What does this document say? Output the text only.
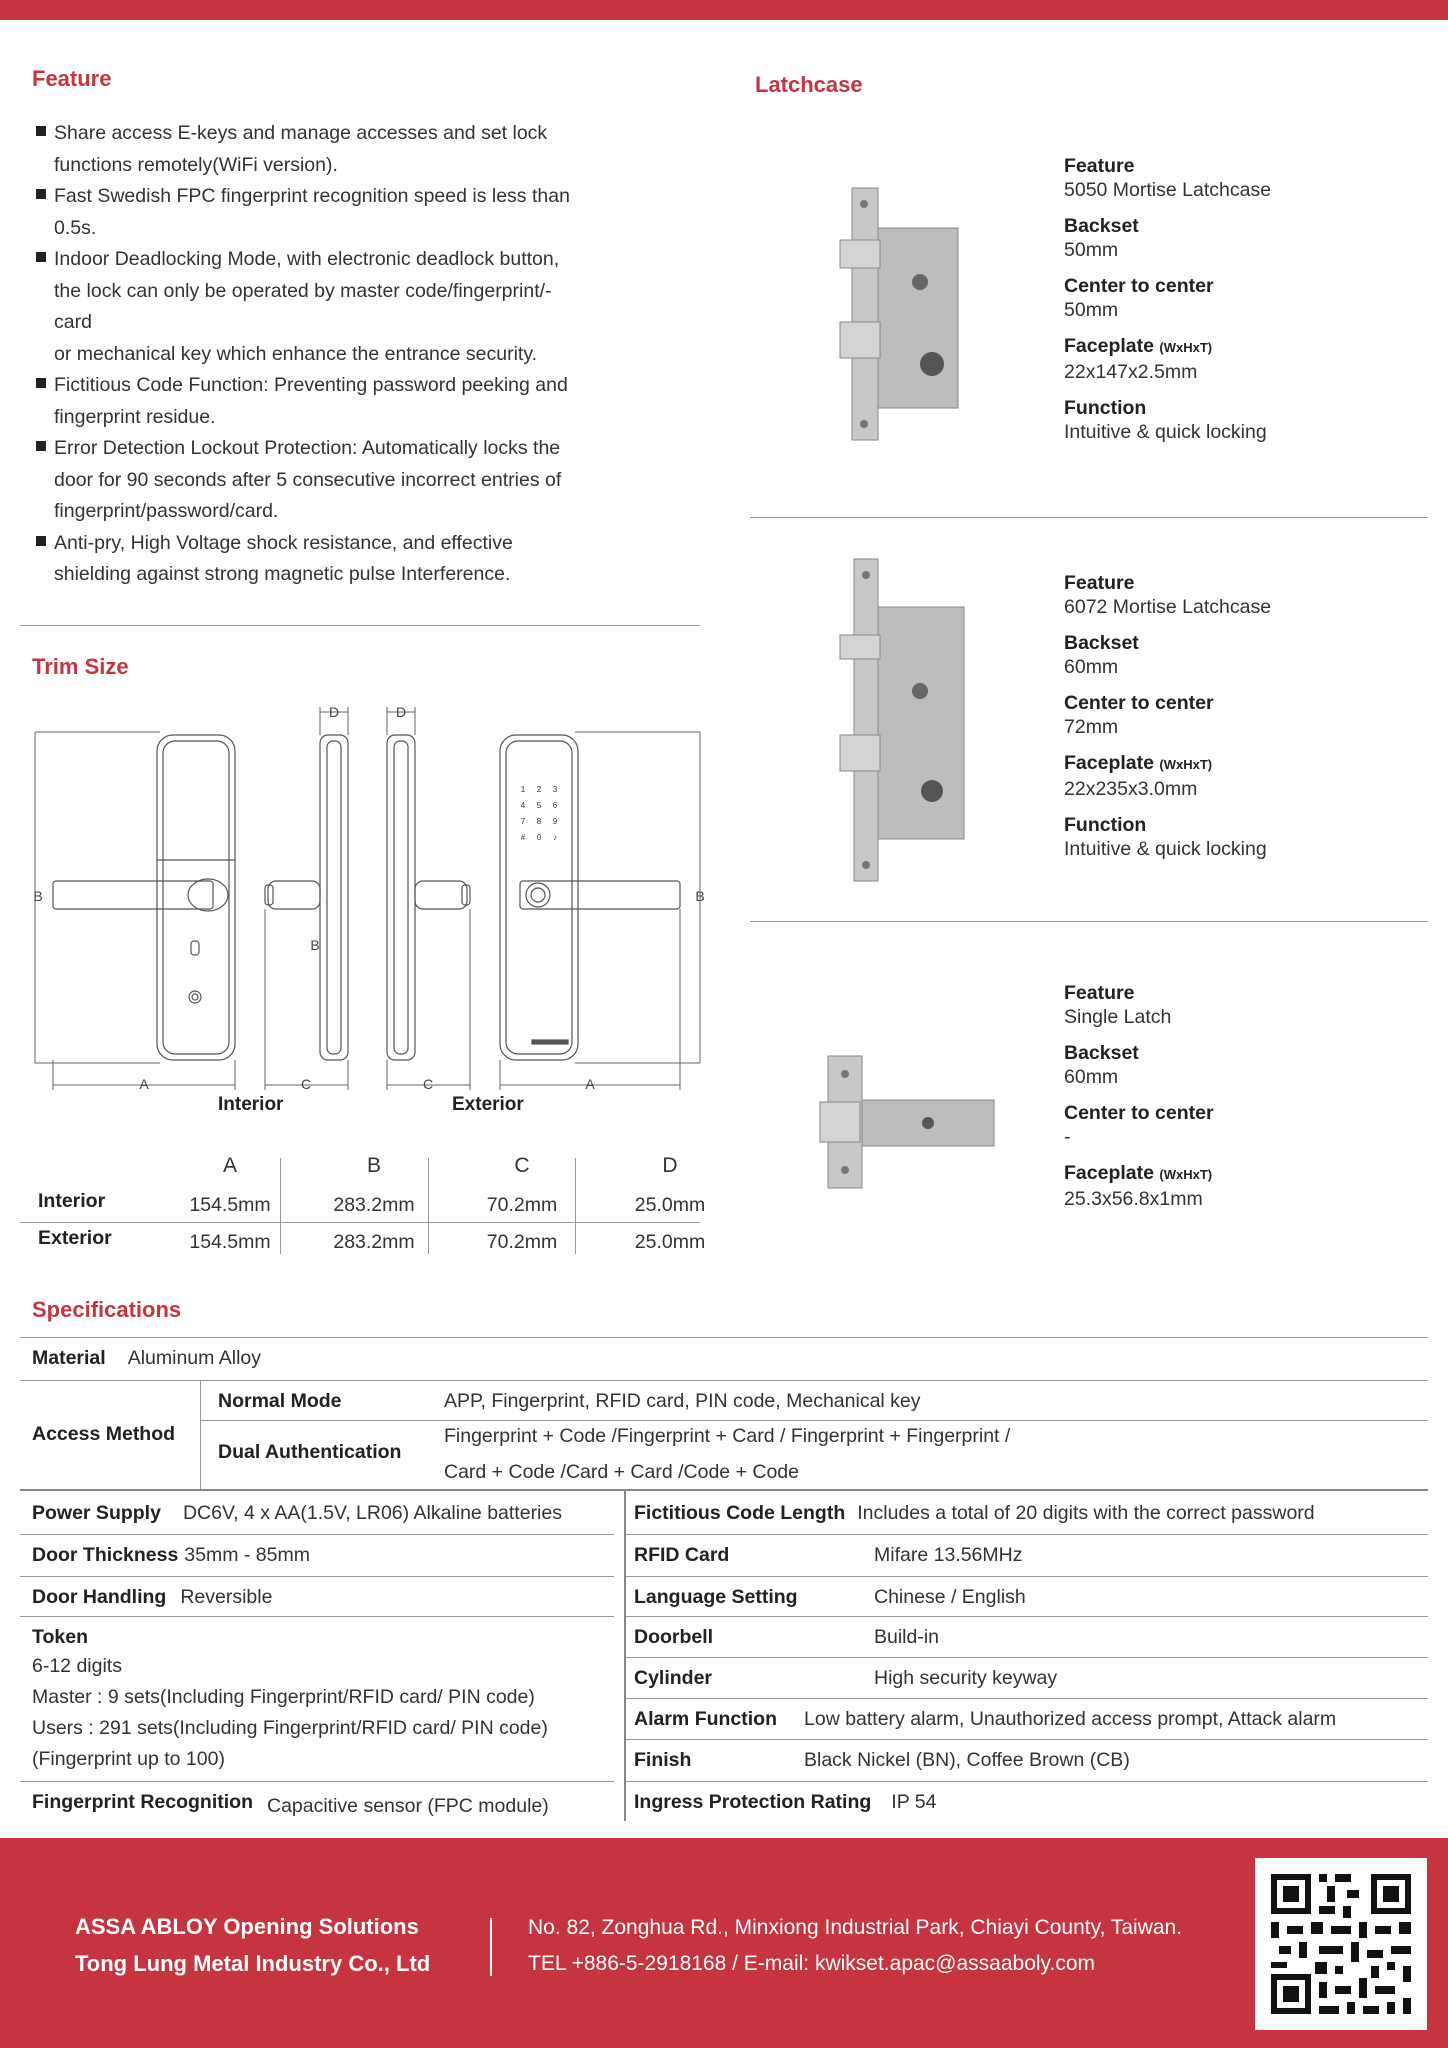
Feature
Share access E-keys and manage accesses and set lock
functions remotely(WiFi version).
Fast Swedish FPC fingerprint recognition speed is less than
0.5s.
Indoor Deadlocking Mode, with electronic deadlock button,
the lock can only be operated by master code/fingerprint/-
card
or mechanical key which enhance the entrance security.
Fictitious Code Function: Preventing password peeking and
fingerprint residue.
Error Detection Lockout Protection: Automatically locks the
door for 90 seconds after 5 consecutive incorrect entries of
fingerprint/password/card.
Anti-pry, High Voltage shock resistance, and effective
shielding against strong magnetic pulse Interference.
Trim Size
1 2 3
4 5 6
7 8 9
# 0 ♪
B	B
B
A	A
C	C
D	D
Interior	Exterior
A	B	C	D
Interior	154.5mm	283.2mm	70.2mm	25.0mm
Exterior	154.5mm	283.2mm	70.2mm	25.0mm
Latchcase
Feature
5050 Mortise Latchcase
Backset
50mm
Center to center
50mm
Faceplate (WxHxT)
22x147x2.5mm
Function
Intuitive & quick locking
Feature
6072 Mortise Latchcase
Backset
60mm
Center to center
72mm
Faceplate (WxHxT)
22x235x3.0mm
Function
Intuitive & quick locking
Feature
Single Latch
Backset
60mm
Center to center
-
Faceplate (WxHxT)
25.3x56.8x1mm
Specifications
Material Aluminum Alloy
Access Method
Normal Mode	APP, Fingerprint, RFID card, PIN code, Mechanical key
Dual Authentication
Fingerprint + Code /Fingerprint + Card / Fingerprint + Fingerprint /
Card + Code /Card + Card /Code + Code
Power Supply DC6V, 4 x AA(1.5V, LR06) Alkaline batteries
Door Thickness 35mm - 85mm
Door Handling Reversible
Token
6-12 digits
Master : 9 sets(Including Fingerprint/RFID card/ PIN code)
Users : 291 sets(Including Fingerprint/RFID card/ PIN code)
(Fingerprint up to 100)
Fingerprint Recognition Capacitive sensor (FPC module)
Fictitious Code Length Includes a total of 20 digits with the correct password
RFID Card	Mifare 13.56MHz
Language Setting	Chinese / English
Doorbell	Build-in
Cylinder	High security keyway
Alarm Function	Low battery alarm, Unauthorized access prompt, Attack alarm
Finish	Black Nickel (BN), Coffee Brown (CB)
Ingress Protection Rating IP 54
ASSA ABLOY Opening Solutions
Tong Lung Metal Industry Co., Ltd
No. 82, Zonghua Rd., Minxiong Industrial Park, Chiayi County, Taiwan.
TEL +886-5-2918168 / E-mail: kwikset.apac@assaaboly.com
